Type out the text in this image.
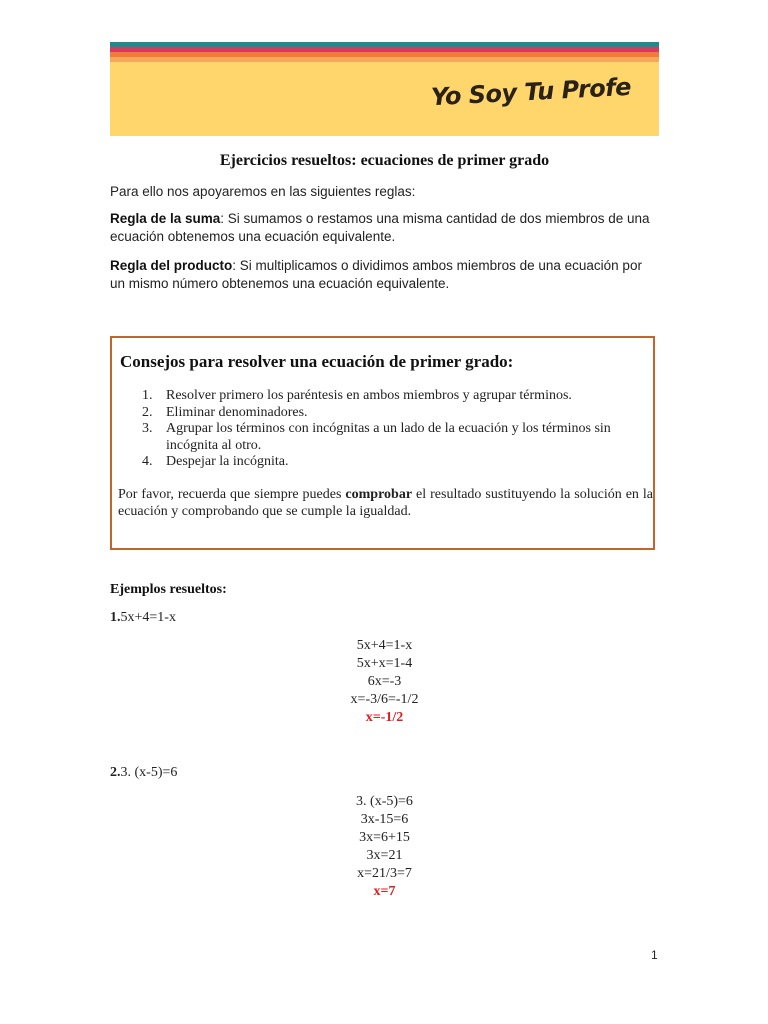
Yo Soy Tu Profe
Ejercicios resueltos: ecuaciones de primer grado
Para ello nos apoyaremos en las siguientes reglas:
Regla de la suma: Si sumamos o restamos una misma cantidad de dos miembros de una ecuación obtenemos una ecuación equivalente.
Regla del producto: Si multiplicamos o dividimos ambos miembros de una ecuación por un mismo número obtenemos una ecuación equivalente.
Consejos para resolver una ecuación de primer grado:
1. Resolver primero los paréntesis en ambos miembros y agrupar términos.
2. Eliminar denominadores.
3. Agrupar los términos con incógnitas a un lado de la ecuación y los términos sin incógnita al otro.
4. Despejar la incógnita.
Por favor, recuerda que siempre puedes comprobar el resultado sustituyendo la solución en la ecuación y comprobando que se cumple la igualdad.
Ejemplos resueltos:
1.5x+4=1-x
5x+4=1-x
5x+x=1-4
6x=-3
x=-3/6=-1/2
x=-1/2
2.3. (x-5)=6
3. (x-5)=6
3x-15=6
3x=6+15
3x=21
x=21/3=7
x=7
1
